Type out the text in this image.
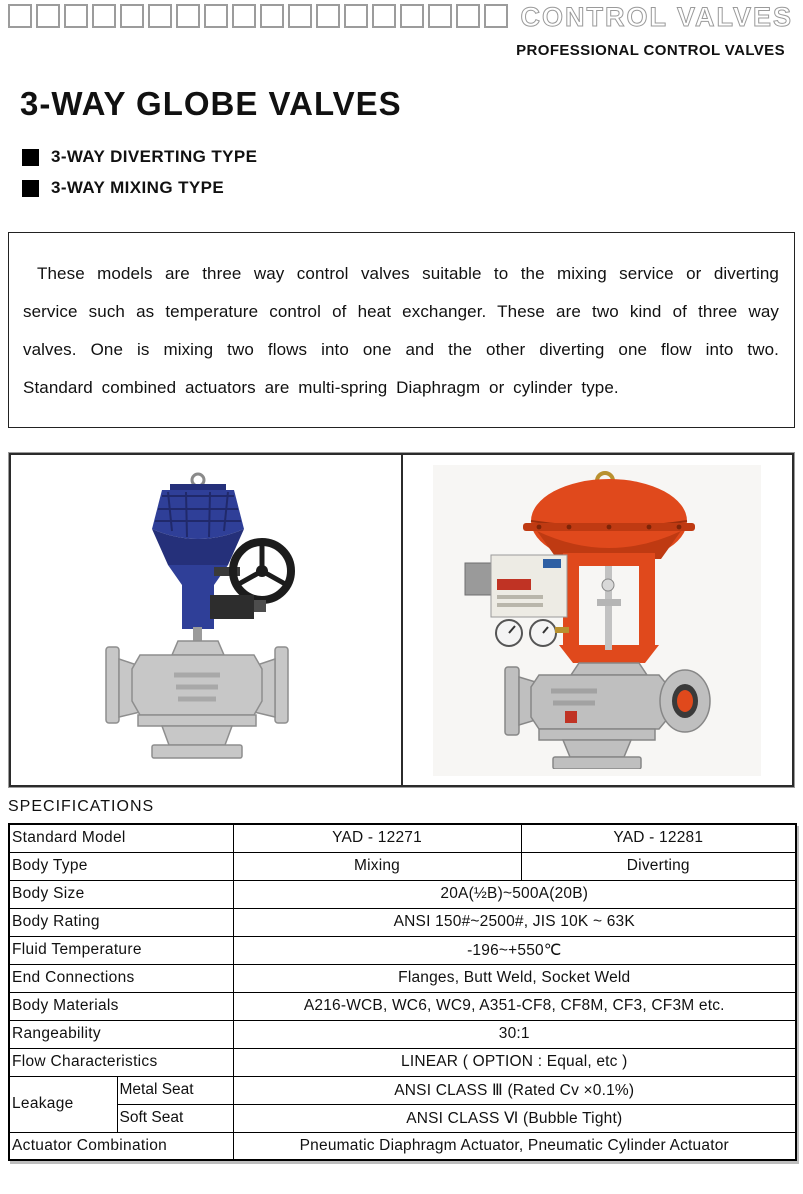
CONTROL VALVES
PROFESSIONAL CONTROL VALVES
3-WAY GLOBE VALVES
3-WAY DIVERTING TYPE
3-WAY MIXING TYPE

These models are three way control valves suitable to the mixing service or diverting service such as temperature control of heat exchanger. These are two kind of three way valves. One is mixing two flows into one and the other diverting one flow into two. Standard combined actuators are multi-spring Diaphragm or cylinder type.

SPECIFICATIONS
Standard Model		YAD - 12271	YAD - 12281
Body Type		Mixing	Diverting
Body Size		20A(½B)~500A(20B)	
Body Rating		ANSI 150#~2500#, JIS 10K ~ 63K	
Fluid Temperature		-196~+550℃	
End Connections		Flanges, Butt Weld, Socket Weld	
Body Materials		A216-WCB, WC6, WC9, A351-CF8, CF8M, CF3, CF3M etc.	
Rangeability		30:1	
Flow Characteristics		LINEAR ( OPTION : Equal, etc )	
Leakage	Metal Seat	ANSI CLASS Ⅲ (Rated Cv ×0.1%)	
	Soft Seat	ANSI CLASS Ⅵ (Bubble Tight)	
Actuator Combination		Pneumatic Diaphragm Actuator, Pneumatic Cylinder Actuator	
